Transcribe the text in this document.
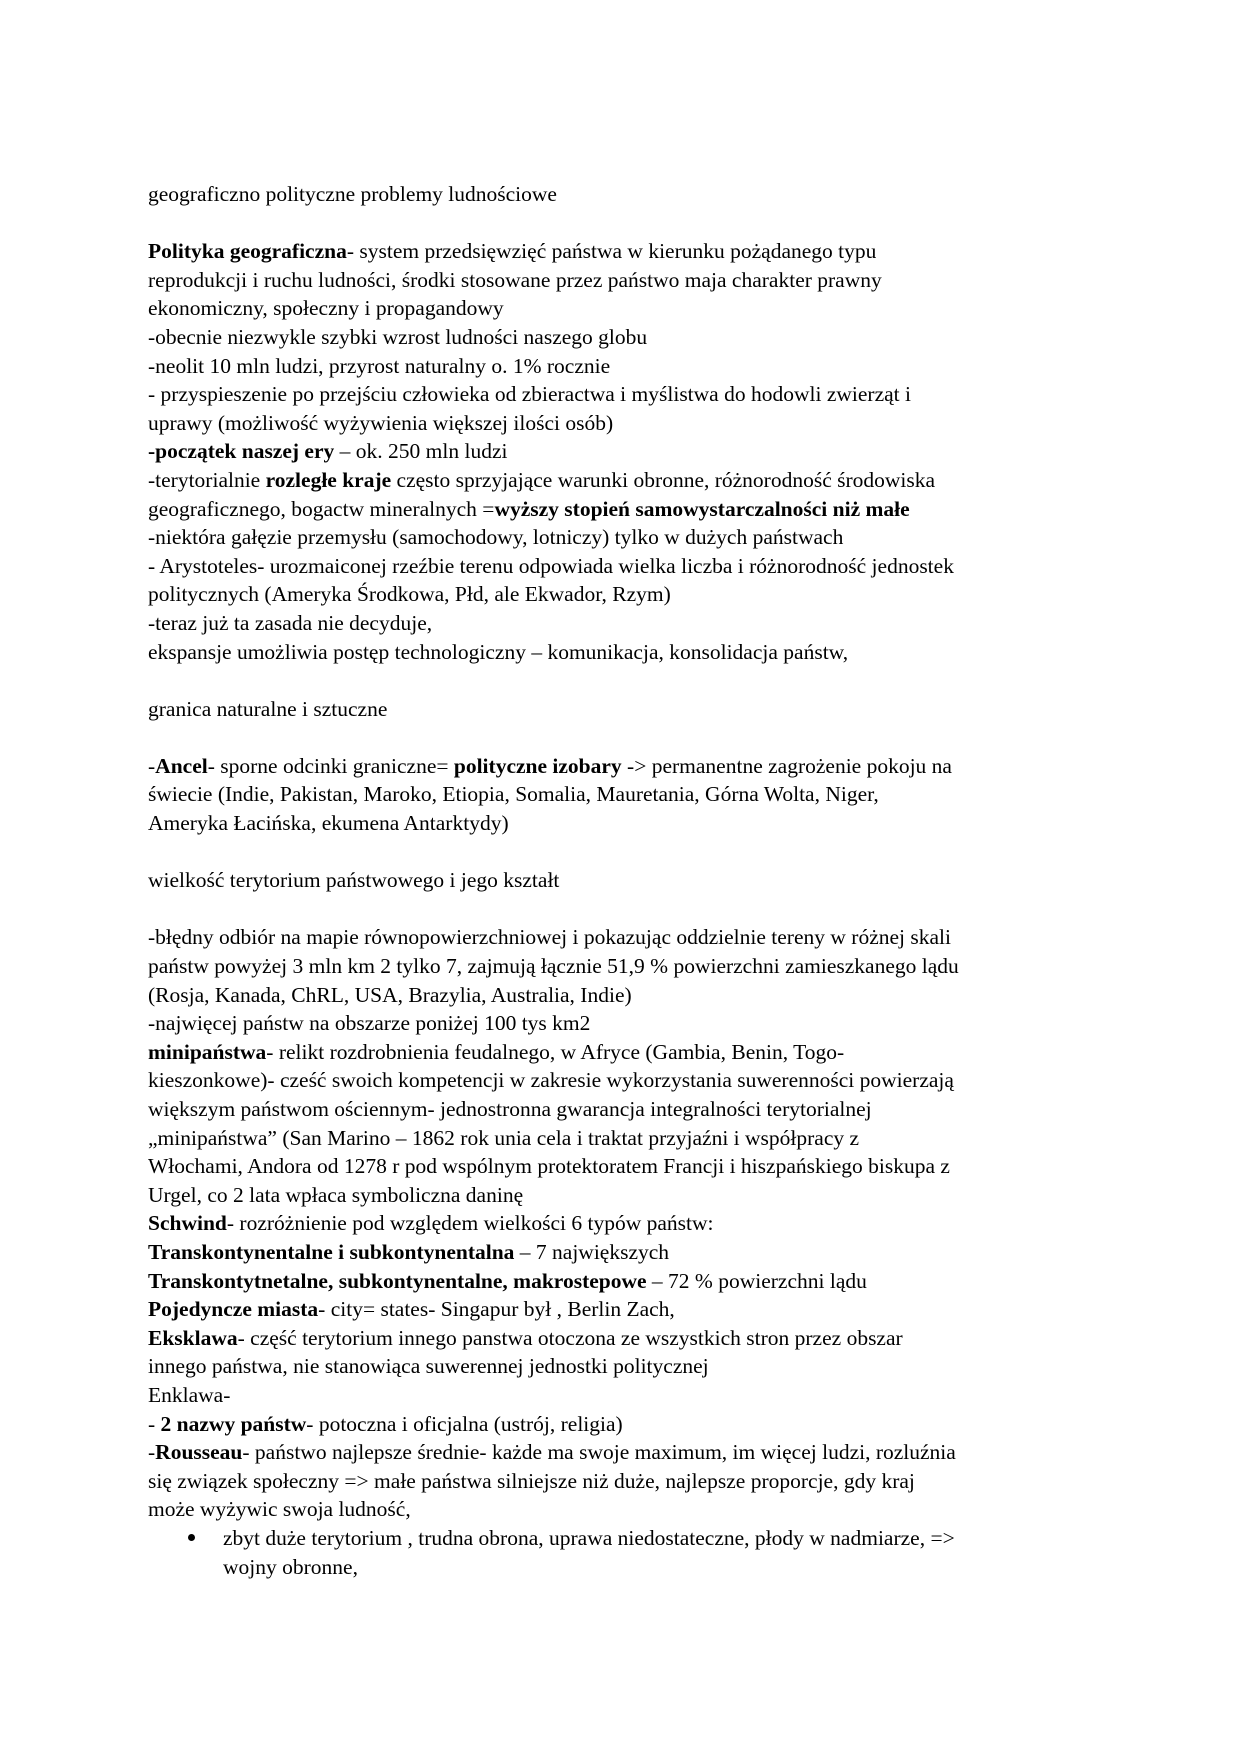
geograficzno polityczne problemy ludnościowe
Polityka geograficzna- system przedsięwzięć państwa w kierunku pożądanego typu
reprodukcji i ruchu ludności, środki stosowane przez państwo maja charakter prawny
ekonomiczny, społeczny i propagandowy
-obecnie niezwykle szybki wzrost ludności naszego globu
-neolit 10 mln ludzi, przyrost naturalny o. 1% rocznie
- przyspieszenie po przejściu człowieka od zbieractwa i myślistwa do hodowli zwierząt i
uprawy (możliwość wyżywienia większej ilości osób)
-początek naszej ery – ok. 250 mln ludzi
-terytorialnie rozległe kraje często sprzyjające warunki obronne, różnorodność środowiska
geograficznego, bogactw mineralnych =wyższy stopień samowystarczalności niż małe
-niektóra gałęzie przemysłu (samochodowy, lotniczy) tylko w dużych państwach
- Arystoteles- urozmaiconej rzeźbie terenu odpowiada wielka liczba i różnorodność jednostek
politycznych (Ameryka Środkowa, Płd, ale Ekwador, Rzym)
-teraz już ta zasada nie decyduje,
ekspansje umożliwia postęp technologiczny – komunikacja, konsolidacja państw,
granica naturalne i sztuczne
-Ancel- sporne odcinki graniczne= polityczne izobary -> permanentne zagrożenie pokoju na
świecie (Indie, Pakistan, Maroko, Etiopia, Somalia, Mauretania, Górna Wolta, Niger,
Ameryka Łacińska, ekumena Antarktydy)
wielkość terytorium państwowego i jego kształt
-błędny odbiór na mapie równopowierzchniowej i pokazując oddzielnie tereny w różnej skali
państw powyżej 3 mln km 2 tylko 7, zajmują łącznie 51,9 % powierzchni zamieszkanego lądu
(Rosja, Kanada, ChRL, USA, Brazylia, Australia, Indie)
-najwięcej państw na obszarze poniżej 100 tys km2
minipaństwa- relikt rozdrobnienia feudalnego, w Afryce (Gambia, Benin, Togo-
kieszonkowe)- cześć swoich kompetencji w zakresie wykorzystania suwerenności powierzają
większym państwom ościennym- jednostronna gwarancja integralności terytorialnej
„minipaństwa” (San Marino – 1862 rok unia cela i traktat przyjaźni i współpracy z
Włochami, Andora od 1278 r pod wspólnym protektoratem Francji i hiszpańskiego biskupa z
Urgel, co 2 lata wpłaca symboliczna daninę
Schwind- rozróżnienie pod względem wielkości 6 typów państw:
Transkontynentalne i subkontynentalna – 7 największych
Transkontytnetalne, subkontynentalne, makrostepowe – 72 % powierzchni lądu
Pojedyncze miasta- city= states- Singapur był , Berlin Zach,
Eksklawa- część terytorium innego panstwa otoczona ze wszystkich stron przez obszar
innego państwa, nie stanowiąca suwerennej jednostki politycznej
Enklawa-
- 2 nazwy państw- potoczna i oficjalna (ustrój, religia)
-Rousseau- państwo najlepsze średnie- każde ma swoje maximum, im więcej ludzi, rozluźnia
się związek społeczny => małe państwa silniejsze niż duże, najlepsze proporcje, gdy kraj
może wyżywic swoja ludność,
zbyt duże terytorium , trudna obrona, uprawa niedostateczne, płody w nadmiarze, =>
wojny obronne,
